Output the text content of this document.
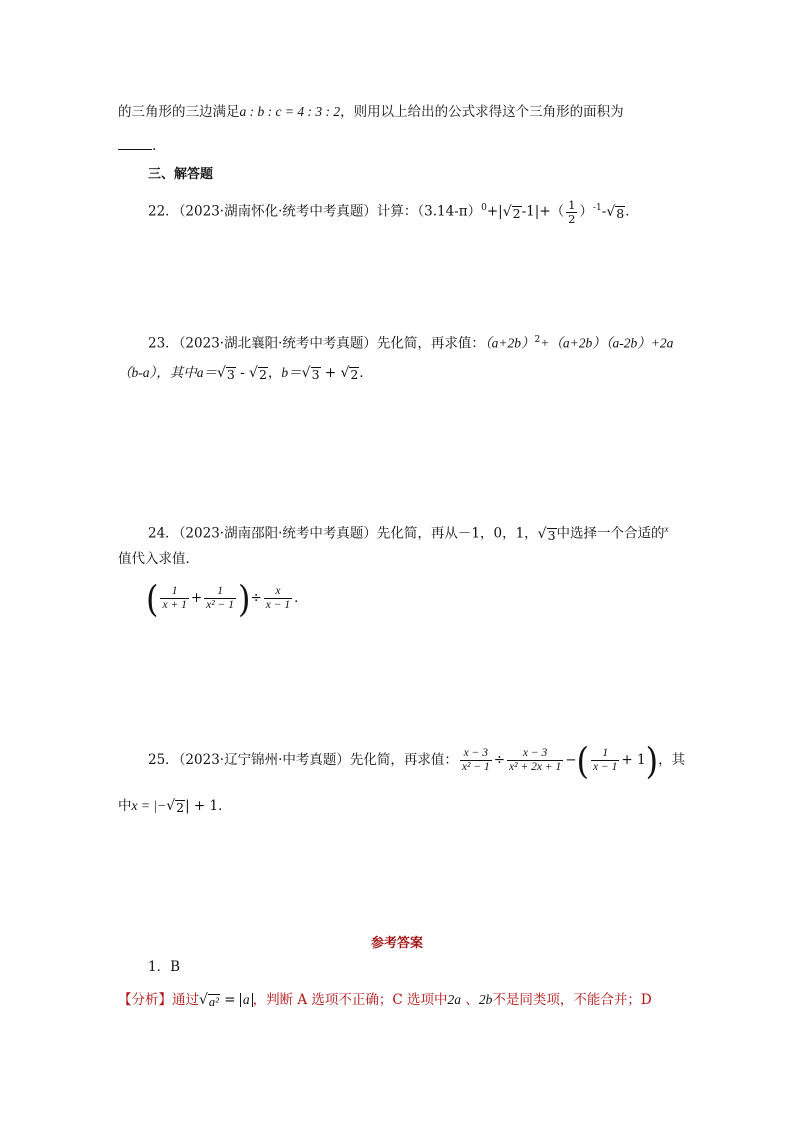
的三角形的三边满足a : b : c = 4 : 3 : 2，则用以上给出的公式求得这个三角形的面积为
.
三、解答题
22．（2023·湖南怀化·统考中考真题）计算：$(3.14-\pi)^0+|$ √ 2 $-1|+( \frac{1}{2} )^{-1}-$ √ 8 ．
23．（2023·湖北襄阳·统考中考真题）先化简，再求值：$(a+2b)^2+(a+2b)(a-2b)+2a$
（b-a），其中a＝ √ 3 - √ 2 ，b＝ √ 3 + √ 2 ．
24．（2023·湖南邵阳·统考中考真题）先化简，再从－1，0，1， √ 3 中选择一个合适的$^x$
值代入求值．
( $\frac{1}{x + 1} + \frac{1}{\text{x² − 1}}$ )÷ $\frac{x}{x - 1}$ ．
25．（2023·辽宁锦州·中考真题）先化简，再求值： $\frac{x - 3}{\text{x² − 1}} \div \frac{x - 3}{\text{x² + 2x + 1}}$ −( $\frac{1}{x - 1} + 1$)，其
中x = |− √ 2 | + 1．
参考答案
1．B
【分析】通过 √ a² = a ，判断 A 选项不正确；C 选项中2a 、2b不是同类项，不能合并；D
